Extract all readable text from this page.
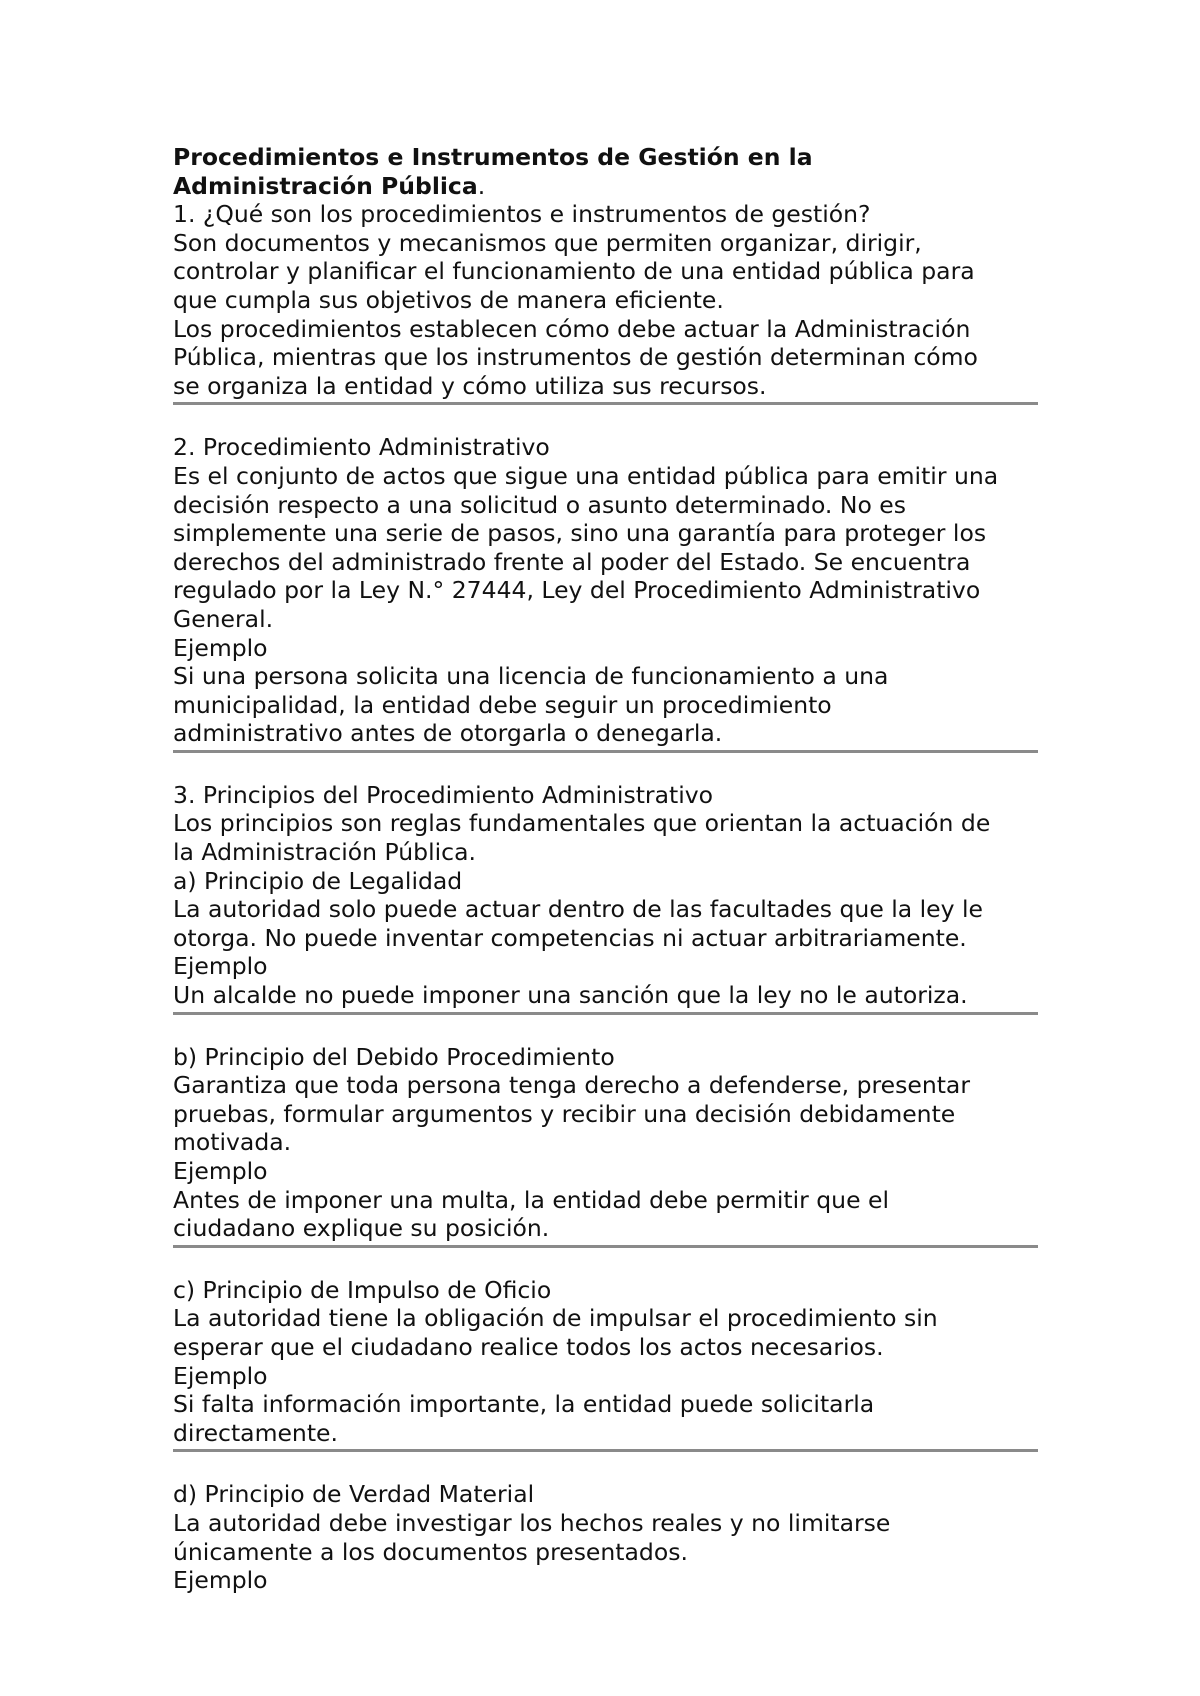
Procedimientos e Instrumentos de Gestión en la
Administración Pública.
1. ¿Qué son los procedimientos e instrumentos de gestión?
Son documentos y mecanismos que permiten organizar, dirigir,
controlar y planificar el funcionamiento de una entidad pública para
que cumpla sus objetivos de manera eficiente.
Los procedimientos establecen cómo debe actuar la Administración
Pública, mientras que los instrumentos de gestión determinan cómo
se organiza la entidad y cómo utiliza sus recursos.
2. Procedimiento Administrativo
Es el conjunto de actos que sigue una entidad pública para emitir una
decisión respecto a una solicitud o asunto determinado. No es
simplemente una serie de pasos, sino una garantía para proteger los
derechos del administrado frente al poder del Estado. Se encuentra
regulado por la Ley N.° 27444, Ley del Procedimiento Administrativo
General.
Ejemplo
Si una persona solicita una licencia de funcionamiento a una
municipalidad, la entidad debe seguir un procedimiento
administrativo antes de otorgarla o denegarla.
3. Principios del Procedimiento Administrativo
Los principios son reglas fundamentales que orientan la actuación de
la Administración Pública.
a) Principio de Legalidad
La autoridad solo puede actuar dentro de las facultades que la ley le
otorga. No puede inventar competencias ni actuar arbitrariamente.
Ejemplo
Un alcalde no puede imponer una sanción que la ley no le autoriza.
b) Principio del Debido Procedimiento
Garantiza que toda persona tenga derecho a defenderse, presentar
pruebas, formular argumentos y recibir una decisión debidamente
motivada.
Ejemplo
Antes de imponer una multa, la entidad debe permitir que el
ciudadano explique su posición.
c) Principio de Impulso de Oficio
La autoridad tiene la obligación de impulsar el procedimiento sin
esperar que el ciudadano realice todos los actos necesarios.
Ejemplo
Si falta información importante, la entidad puede solicitarla
directamente.
d) Principio de Verdad Material
La autoridad debe investigar los hechos reales y no limitarse
únicamente a los documentos presentados.
Ejemplo
